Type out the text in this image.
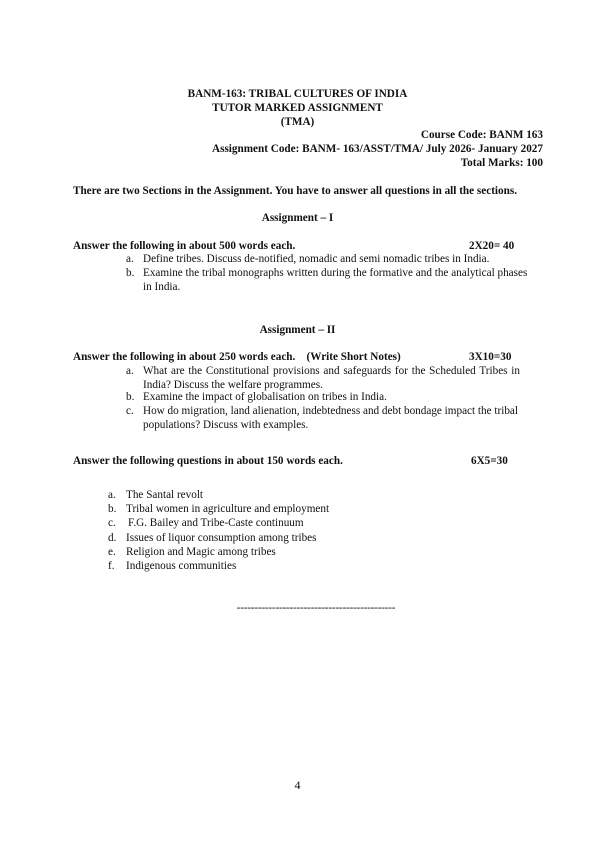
BANM-163: TRIBAL CULTURES OF INDIA
TUTOR MARKED ASSIGNMENT
(TMA)
Course Code: BANM 163
Assignment Code: BANM- 163/ASST/TMA/ July 2026- January 2027
Total Marks: 100
There are two Sections in the Assignment. You have to answer all questions in all the sections.
Assignment – I
Answer the following in about 500 words each.	2X20= 40
a. Define tribes. Discuss de-notified, nomadic and semi nomadic tribes in India.
b. Examine the tribal monographs written during the formative and the analytical phases in India.
Assignment – II
Answer the following in about 250 words each.    (Write Short Notes)	3X10=30
a. What are the Constitutional provisions and safeguards for the Scheduled Tribes in India? Discuss the welfare programmes.
b. Examine the impact of globalisation on tribes in India.
c. How do migration, land alienation, indebtedness and debt bondage impact the tribal populations? Discuss with examples.
Answer the following questions in about 150 words each.	6X5=30
a. The Santal revolt
b. Tribal women in agriculture and employment
c. F.G. Bailey and Tribe-Caste continuum
d. Issues of liquor consumption among tribes
e. Religion and Magic among tribes
f. Indigenous communities
---------------------------------------------
4
